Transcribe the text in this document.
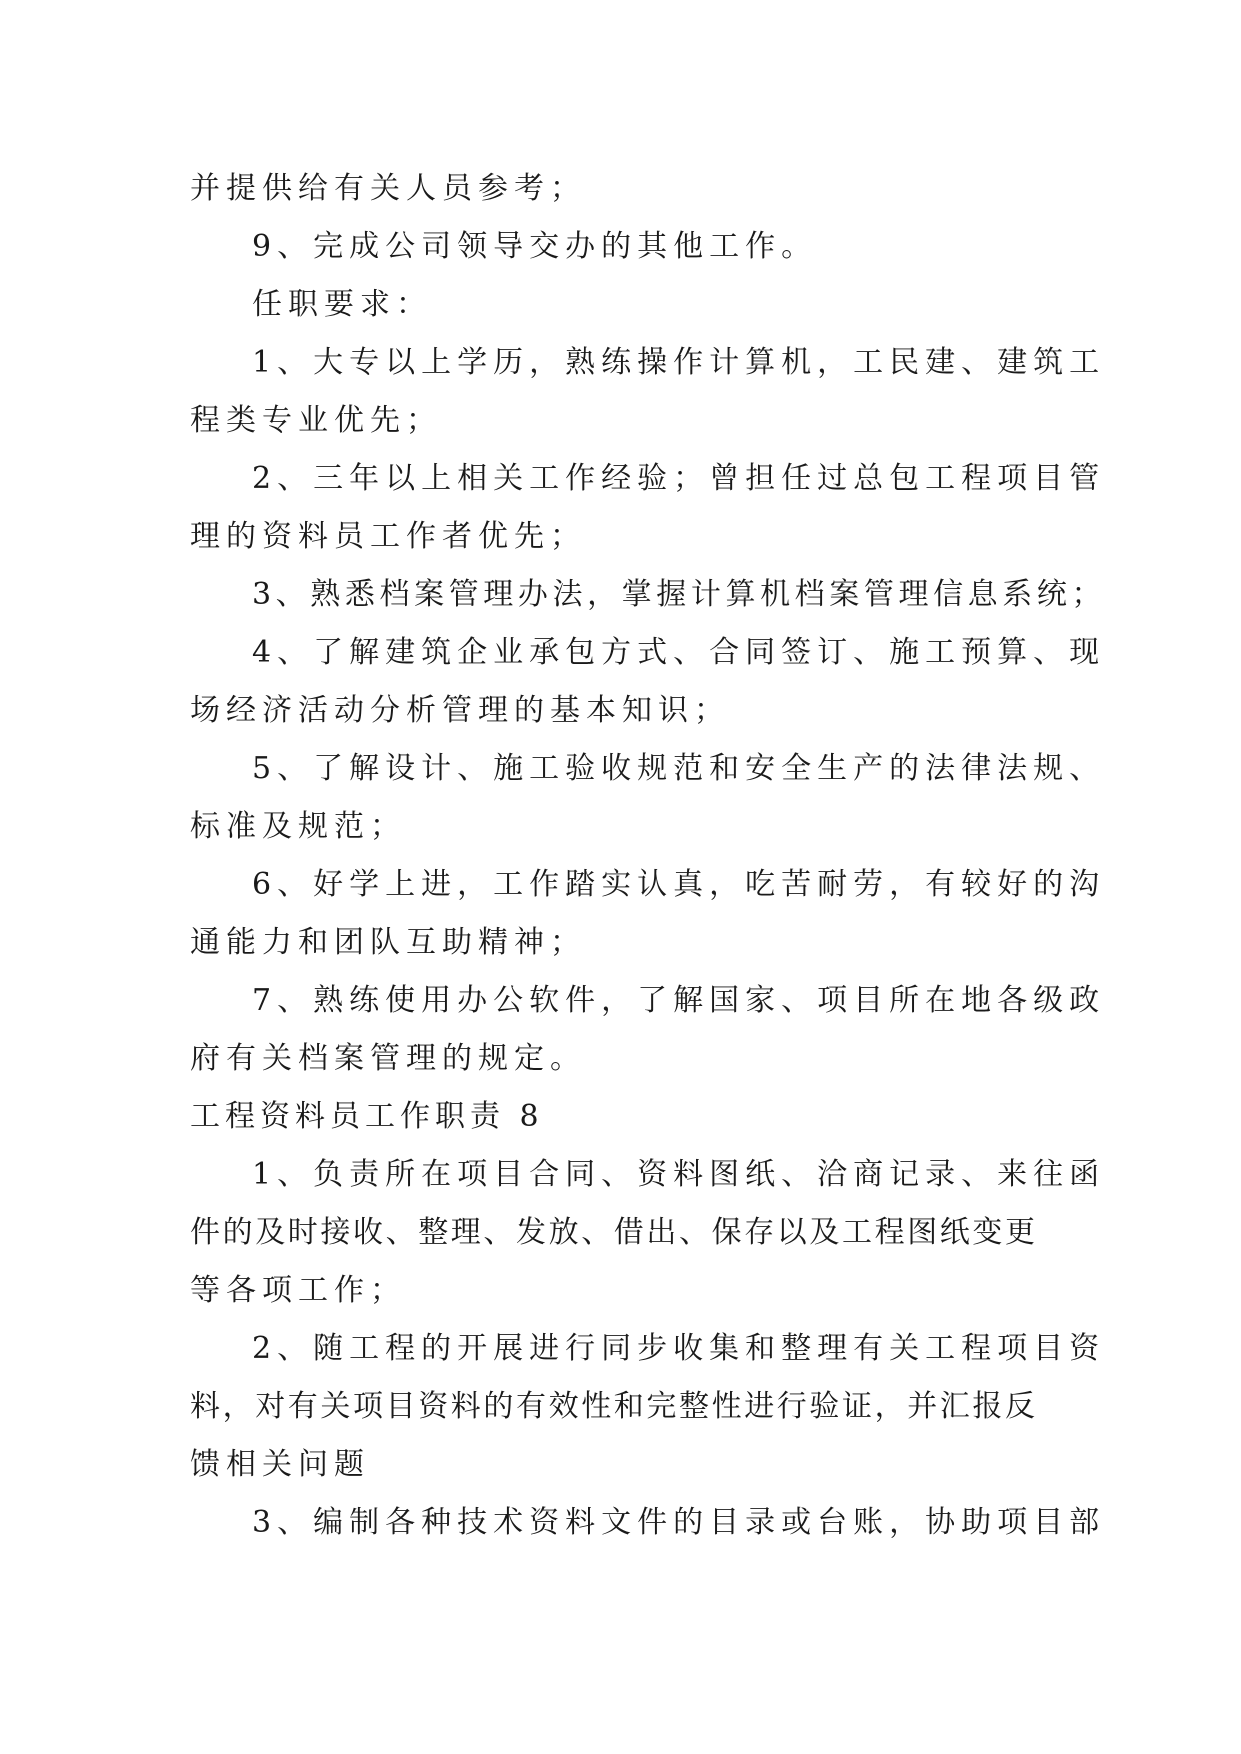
并提供给有关人员参考；
9、完成公司领导交办的其他工作。
任职要求：
1、大专以上学历，熟练操作计算机，工民建、建筑工
程类专业优先；
2、三年以上相关工作经验；曾担任过总包工程项目管
理的资料员工作者优先；
3、熟悉档案管理办法，掌握计算机档案管理信息系统；
4、了解建筑企业承包方式、合同签订、施工预算、现
场经济活动分析管理的基本知识；
5、了解设计、施工验收规范和安全生产的法律法规、
标准及规范；
6、好学上进，工作踏实认真，吃苦耐劳，有较好的沟
通能力和团队互助精神；
7、熟练使用办公软件，了解国家、项目所在地各级政
府有关档案管理的规定。
工程资料员工作职责 8
1、负责所在项目合同、资料图纸、洽商记录、来往函
件的及时接收、整理、发放、借出、保存以及工程图纸变更
等各项工作；
2、随工程的开展进行同步收集和整理有关工程项目资
料，对有关项目资料的有效性和完整性进行验证，并汇报反
馈相关问题
3、编制各种技术资料文件的目录或台账，协助项目部
